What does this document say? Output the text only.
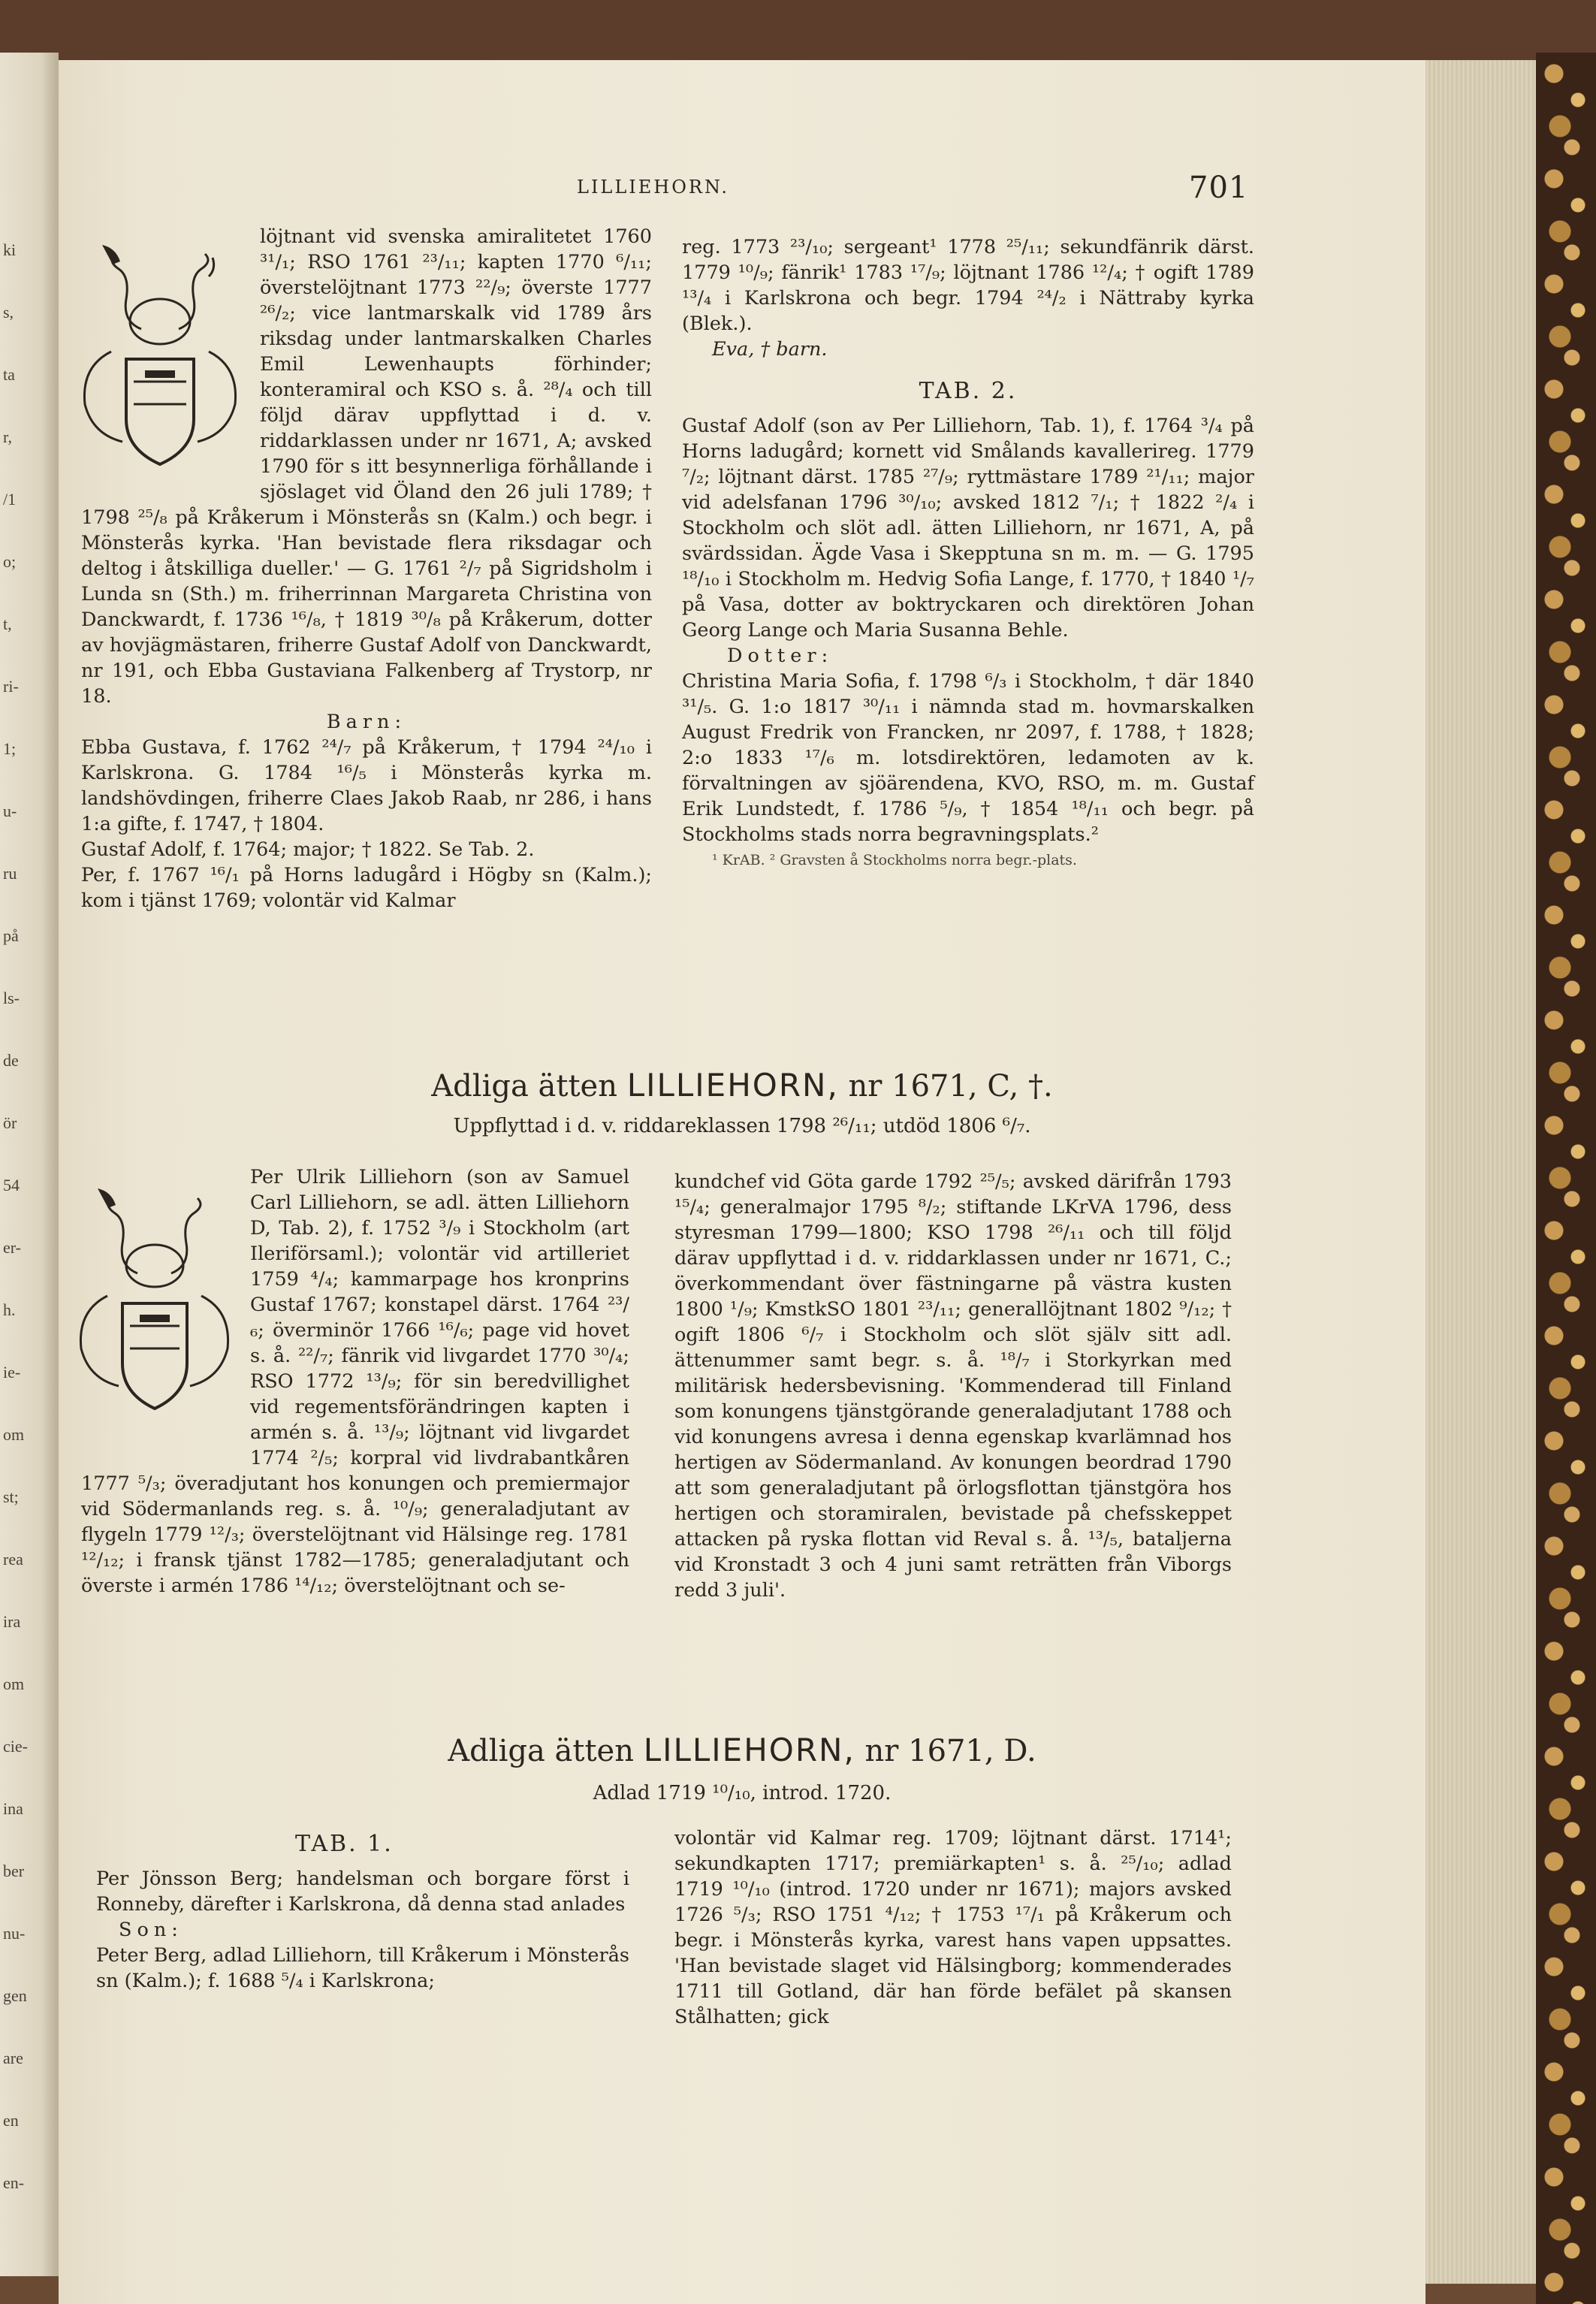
ki
s,
ta
r,
/1
o;
t,
ri-
1;
u-
ru
på
ls-
de
ör
54
er-
h.
ie-
om
st;
rea
ira
om
cie-
ina
ber
nu-
gen
are
en
en-
LILLIEHORN.	701

löjtnant vid svenska amiralitetet 1760 ³¹/₁; RSO 1761 ²³/₁₁; kapten 1770 ⁶/₁₁; överstelöjtnant 1773 ²²/₉; överste 1777 ²⁶/₂; vice lantmarskalk vid 1789 års riksdag under lantmarskalken Charles Emil Lewenhaupts förhinder; konteramiral och KSO s. å. ²⁸/₄ och till följd därav uppflyttad i d. v. riddarklassen under nr 1671, A; avsked 1790 för s itt besynnerliga förhållande i sjöslaget vid Öland den 26 juli 1789; † 1798 ²⁵/₈ på Kråkerum i Mönsterås sn (Kalm.) och begr. i Mönsterås kyrka. 'Han bevistade flera riksdagar och deltog i åtskilliga dueller.' — G. 1761 ²/₇ på Sigridsholm i Lunda sn (Sth.) m. friherrinnan Margareta Christina von Danckwardt, f. 1736 ¹⁶/₈, † 1819 ³⁰/₈ på Kråkerum, dotter av hovjägmästaren, friherre Gustaf Adolf von Danckwardt, nr 191, och Ebba Gustaviana Falkenberg af Trystorp, nr 18.

Barn:

Ebba Gustava, f. 1762 ²⁴/₇ på Kråkerum, † 1794 ²⁴/₁₀ i Karlskrona. G. 1784 ¹⁶/₅ i Mönsterås kyrka m. landshövdingen, friherre Claes Jakob Raab, nr 286, i hans 1:a gifte, f. 1747, † 1804.

Gustaf Adolf, f. 1764; major; † 1822. Se Tab. 2.

Per, f. 1767 ¹⁶/₁ på Horns ladugård i Högby sn (Kalm.); kom i tjänst 1769; volontär vid Kalmar

reg. 1773 ²³/₁₀; sergeant¹ 1778 ²⁵/₁₁; sekundfänrik därst. 1779 ¹⁰/₉; fänrik¹ 1783 ¹⁷/₉; löjtnant 1786 ¹²/₄; † ogift 1789 ¹³/₄ i Karlskrona och begr. 1794 ²⁴/₂ i Nättraby kyrka (Blek.).

Eva, † barn.

TAB. 2.

Gustaf Adolf (son av Per Lilliehorn, Tab. 1), f. 1764 ³/₄ på Horns ladugård; kornett vid Smålands kavallerireg. 1779 ⁷/₂; löjtnant därst. 1785 ²⁷/₉; ryttmästare 1789 ²¹/₁₁; major vid adelsfanan 1796 ³⁰/₁₀; avsked 1812 ⁷/₁; † 1822 ²/₄ i Stockholm och slöt adl. ätten Lilliehorn, nr 1671, A, på svärdssidan. Ägde Vasa i Skepptuna sn m. m. — G. 1795 ¹⁸/₁₀ i Stockholm m. Hedvig Sofia Lange, f. 1770, † 1840 ¹/₇ på Vasa, dotter av boktryckaren och direktören Johan Georg Lange och Maria Susanna Behle.

Dotter:

Christina Maria Sofia, f. 1798 ⁶/₃ i Stockholm, † där 1840 ³¹/₅. G. 1:o 1817 ³⁰/₁₁ i nämnda stad m. hovmarskalken August Fredrik von Francken, nr 2097, f. 1788, † 1828; 2:o 1833 ¹⁷/₆ m. lotsdirektören, ledamoten av k. förvaltningen av sjöärendena, KVO, RSO, m. m. Gustaf Erik Lundstedt, f. 1786 ⁵/₉, † 1854 ¹⁸/₁₁ och begr. på Stockholms stads norra begravningsplats.²

¹ KrAB. ² Gravsten å Stockholms norra begr.-plats.

Adliga ätten LILLIEHORN, nr 1671, C, †.
Uppflyttad i d. v. riddareklassen 1798 ²⁶/₁₁; utdöd 1806 ⁶/₇.

Per Ulrik Lilliehorn (son av Samuel Carl Lilliehorn, se adl. ätten Lilliehorn D, Tab. 2), f. 1752 ³/₉ i Stockholm (art Ileriförsaml.); volontär vid artilleriet 1759 ⁴/₄; kammarpage hos kronprins Gustaf 1767; konstapel därst. 1764 ²³/₆; överminör 1766 ¹⁶/₆; page vid hovet s. å. ²²/₇; fänrik vid livgardet 1770 ³⁰/₄; RSO 1772 ¹³/₉; för sin beredvillighet vid regementsförändringen kapten i armén s. å. ¹³/₉; löjtnant vid livgardet 1774 ²/₅; korpral vid livdrabantkåren 1777 ⁵/₃; överadjutant hos konungen och premiermajor vid Södermanlands reg. s. å. ¹⁰/₉; generaladjutant av flygeln 1779 ¹²/₃; överstelöjtnant vid Hälsinge reg. 1781 ¹²/₁₂; i fransk tjänst 1782—1785; generaladjutant och överste i armén 1786 ¹⁴/₁₂; överstelöjtnant och se-

kundchef vid Göta garde 1792 ²⁵/₅; avsked därifrån 1793 ¹⁵/₄; generalmajor 1795 ⁸/₂; stiftande LKrVA 1796, dess styresman 1799—1800; KSO 1798 ²⁶/₁₁ och till följd därav uppflyttad i d. v. riddarklassen under nr 1671, C.; överkommendant över fästningarne på västra kusten 1800 ¹/₉; KmstkSO 1801 ²³/₁₁; generallöjtnant 1802 ⁹/₁₂; † ogift 1806 ⁶/₇ i Stockholm och slöt själv sitt adl. ättenummer samt begr. s. å. ¹⁸/₇ i Storkyrkan med militärisk hedersbevisning. 'Kommenderad till Finland som konungens tjänstgörande generaladjutant 1788 och vid konungens avresa i denna egenskap kvarlämnad hos hertigen av Södermanland. Av konungen beordrad 1790 att som generaladjutant på örlogsflottan tjänstgöra hos hertigen och storamiralen, bevistade på chefsskeppet attacken på ryska flottan vid Reval s. å. ¹³/₅, bataljerna vid Kronstadt 3 och 4 juni samt reträtten från Viborgs redd 3 juli'.

Adliga ätten LILLIEHORN, nr 1671, D.
Adlad 1719 ¹⁰/₁₀, introd. 1720.

TAB. 1.

Per Jönsson Berg; handelsman och borgare först i Ronneby, därefter i Karlskrona, då denna stad anlades

Son:

Peter Berg, adlad Lilliehorn, till Kråkerum i Mönsterås sn (Kalm.); f. 1688 ⁵/₄ i Karlskrona;

volontär vid Kalmar reg. 1709; löjtnant därst. 1714¹; sekundkapten 1717; premiärkapten¹ s. å. ²⁵/₁₀; adlad 1719 ¹⁰/₁₀ (introd. 1720 under nr 1671); majors avsked 1726 ⁵/₃; RSO 1751 ⁴/₁₂; † 1753 ¹⁷/₁ på Kråkerum och begr. i Mönsterås kyrka, varest hans vapen uppsattes. 'Han bevistade slaget vid Hälsingborg; kommenderades 1711 till Gotland, där han förde befälet på skansen Stålhatten; gick
